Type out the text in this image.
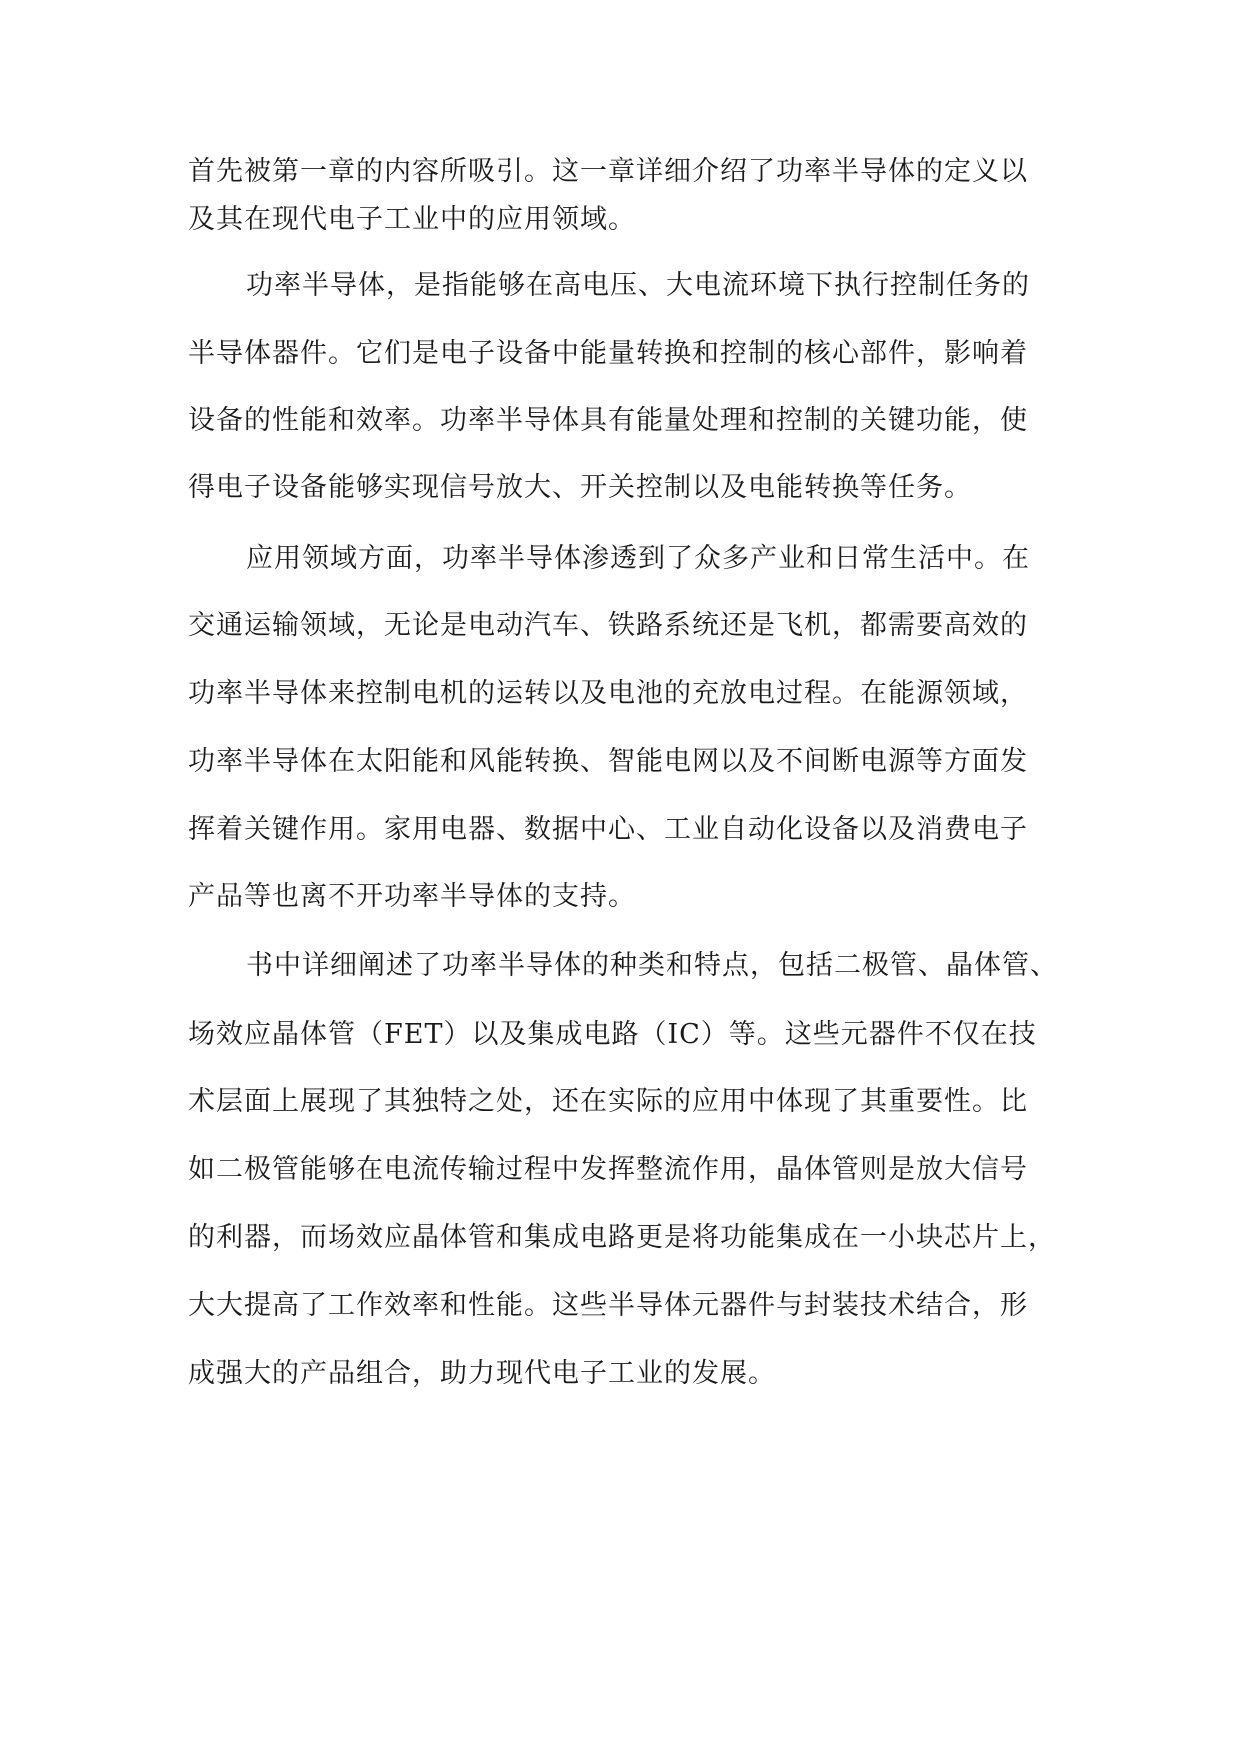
首先被第一章的内容所吸引。这一章详细介绍了功率半导体的定义以
及其在现代电子工业中的应用领域。
功率半导体，是指能够在高电压、大电流环境下执行控制任务的
半导体器件。它们是电子设备中能量转换和控制的核心部件，影响着
设备的性能和效率。功率半导体具有能量处理和控制的关键功能，使
得电子设备能够实现信号放大、开关控制以及电能转换等任务。
应用领域方面，功率半导体渗透到了众多产业和日常生活中。在
交通运输领域，无论是电动汽车、铁路系统还是飞机，都需要高效的
功率半导体来控制电机的运转以及电池的充放电过程。在能源领域，
功率半导体在太阳能和风能转换、智能电网以及不间断电源等方面发
挥着关键作用。家用电器、数据中心、工业自动化设备以及消费电子
产品等也离不开功率半导体的支持。
书中详细阐述了功率半导体的种类和特点，包括二极管、晶体管、
场效应晶体管（FET）以及集成电路（IC）等。这些元器件不仅在技
术层面上展现了其独特之处，还在实际的应用中体现了其重要性。比
如二极管能够在电流传输过程中发挥整流作用，晶体管则是放大信号
的利器，而场效应晶体管和集成电路更是将功能集成在一小块芯片上，
大大提高了工作效率和性能。这些半导体元器件与封装技术结合，形
成强大的产品组合，助力现代电子工业的发展。
